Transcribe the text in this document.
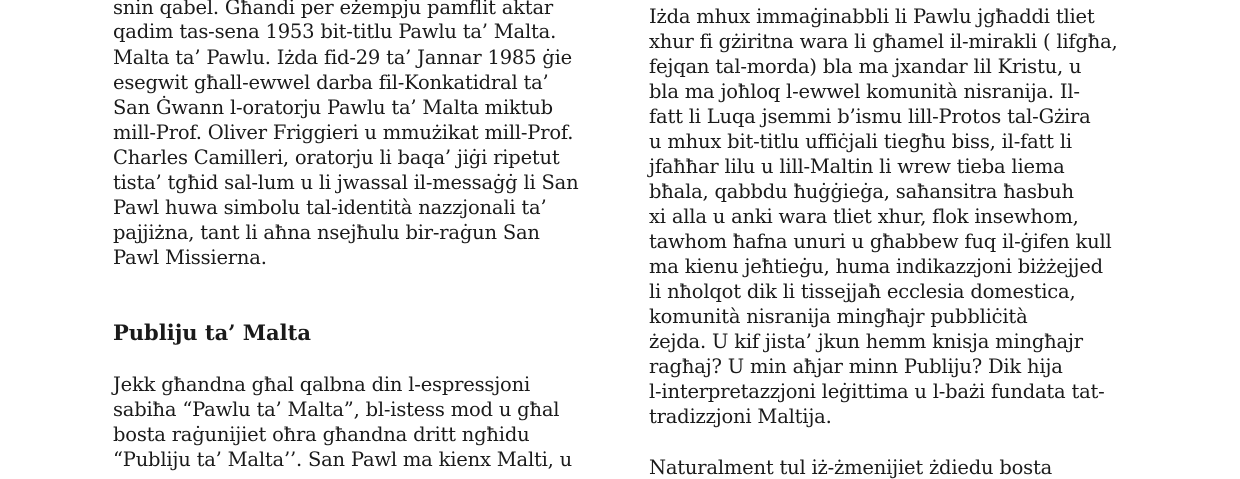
snin qabel. Għandi per eżempju pamflit aktar
qadim tas-sena 1953 bit-titlu Pawlu ta’ Malta.
Malta ta’ Pawlu. Iżda fid-29 ta’ Jannar 1985 ġie
esegwit għall-ewwel darba fil-Konkatidral ta’
San Ġwann l-oratorju Pawlu ta’ Malta miktub
mill-Prof. Oliver Friggieri u mmużikat mill-Prof.
Charles Camilleri, oratorju li baqa’ jiġi ripetut
tista’ tgħid sal-lum u li jwassal il-messaġġ li San
Pawl huwa simbolu tal-identità nazzjonali ta’
pajjiżna, tant li aħna nsejħulu bir-raġun San
Pawl Missierna.
Publiju ta’ Malta
Jekk għandna għal qalbna din l-espressjoni
sabiħa “Pawlu ta’ Malta”, bl-istess mod u għal
bosta raġunijiet oħra għandna dritt ngħidu
“Publiju ta’ Malta’’. San Pawl ma kienx Malti, u
Iżda mhux immaġinabbli li Pawlu jgħaddi tliet
xhur fi gżiritna wara li għamel il-mirakli ( lifgħa,
fejqan tal-morda) bla ma jxandar lil Kristu, u
bla ma joħloq l-ewwel komunità nisranija. Il-
fatt li Luqa jsemmi b’ismu lill-Protos tal-Gżira
u mhux bit-titlu uffiċjali tiegħu biss, il-fatt li
jfaħħar lilu u lill-Maltin li wrew tieba liema
bħala, qabbdu ħuġġieġa, saħansitra ħasbuh
xi alla u anki wara tliet xhur, flok insewhom,
tawhom ħafna unuri u għabbew fuq il-ġifen kull
ma kienu jeħtieġu, huma indikazzjoni biżżejjed
li nħolqot dik li tissejjaħ ecclesia domestica,
komunità nisranija mingħajr pubbliċità
żejda. U kif jista’ jkun hemm knisja mingħajr
ragħaj? U min aħjar minn Publiju? Dik hija
l-interpretazzjoni leġittima u l-bażi fundata tat-
tradizzjoni Maltija.
Naturalment tul iż-żmenijiet żdiedu bosta
